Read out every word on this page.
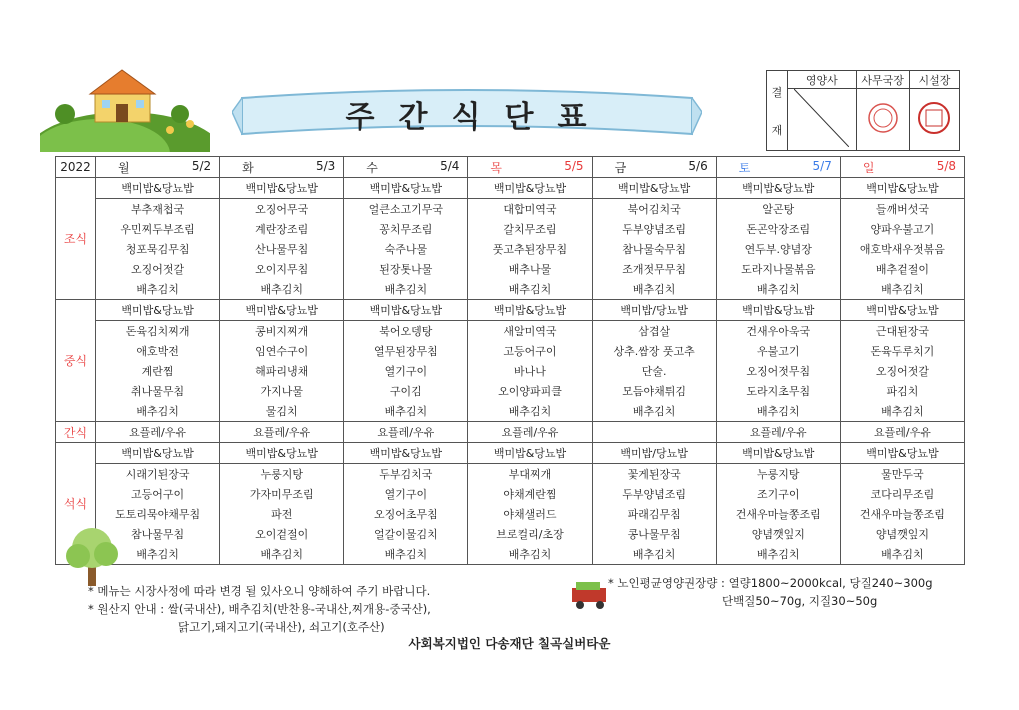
주 간 식 단 표
결
재	영양사	사무국장	시설장

2022	월 5/2	화 5/3	수 5/4	목 5/5	금 5/6	토 5/7	일 5/8

조식	백미밥&당뇨밥	백미밥&당뇨밥	백미밥&당뇨밥	백미밥&당뇨밥	백미밥&당뇨밥	백미밥&당뇨밥	백미밥&당뇨밥
	부추재첩국	오징어무국	얼큰소고기무국	대합미역국	북어김치국	알곤탕	들깨버섯국
	우민찌두부조림	계란장조림	꽁치무조림	갈치무조림	두부양념조림	돈곤악장조림	양파우불고기
	청포묵김무침	산나물무침	숙주나물	풋고추된장무침	참나물숙무침	연두부.양념장	애호박새우젓볶음
	오징어젓갈	오이지무침	된장톳나물	배추나물	조개젓무무침	도라지나물볶음	배추겉절이
	배추김치	배추김치	배추김치	배추김치	배추김치	배추김치	배추김치
중식	백미밥&당뇨밥	백미밥&당뇨밥	백미밥&당뇨밥	백미밥&당뇨밥	백미밥/당뇨밥	백미밥&당뇨밥	백미밥&당뇨밥
	돈육김치찌개	콩비지찌개	북어오뎅탕	새알미역국	삼겹살	건새우아욱국	근대된장국
	애호박전	임연수구이	열무된장무침	고등어구이	상추.쌈장 풋고추	우불고기	돈육두루치기
	계란찜	해파리냉채	열기구이	바나나	단술.	오징어젓무침	오징어젓갈
	취나물무침	가지나물	구이김	오이양파피클	모듬야채튀김	도라지초무침	파김치
	배추김치	물김치	배추김치	배추김치	배추김치	배추김치	배추김치
간식	요플레/우유	요플레/우유	요플레/우유	요플레/우유		요플레/우유	요플레/우유
석식	백미밥&당뇨밥	백미밥&당뇨밥	백미밥&당뇨밥	백미밥&당뇨밥	백미밥/당뇨밥	백미밥&당뇨밥	백미밥&당뇨밥
	시래기된장국	누룽지탕	두부김치국	부대찌개	꽃게된장국	누룽지탕	물만두국
	고등어구이	가자미무조림	열기구이	야채계란찜	두부양념조림	조기구이	코다리무조림
	도토리묵야채무침	파전	오징어초무침	야채샐러드	파래김무침	건새우마늘쫑조림	건새우마늘쫑조림
	참나물무침	오이겉절이	얼갈이물김치	브로컬리/초장	콩나물무침	양념깻잎지	양념깻잎지
	배추김치	배추김치	배추김치	배추김치	배추김치	배추김치	배추김치
* 메뉴는 시장사정에 따라 변경 될 있사오니 양해하여 주기 바랍니다.
* 원산지 안내 : 쌀(국내산), 배추김치(반찬용-국내산,찌개용-중국산),
닭고기,돼지고기(국내산), 쇠고기(호주산)
* 노인평균영양권장량 : 열량1800~2000kcal, 당질240~300g
단백질50~70g, 지질30~50g
사회복지법인 다송재단 칠곡실버타운
